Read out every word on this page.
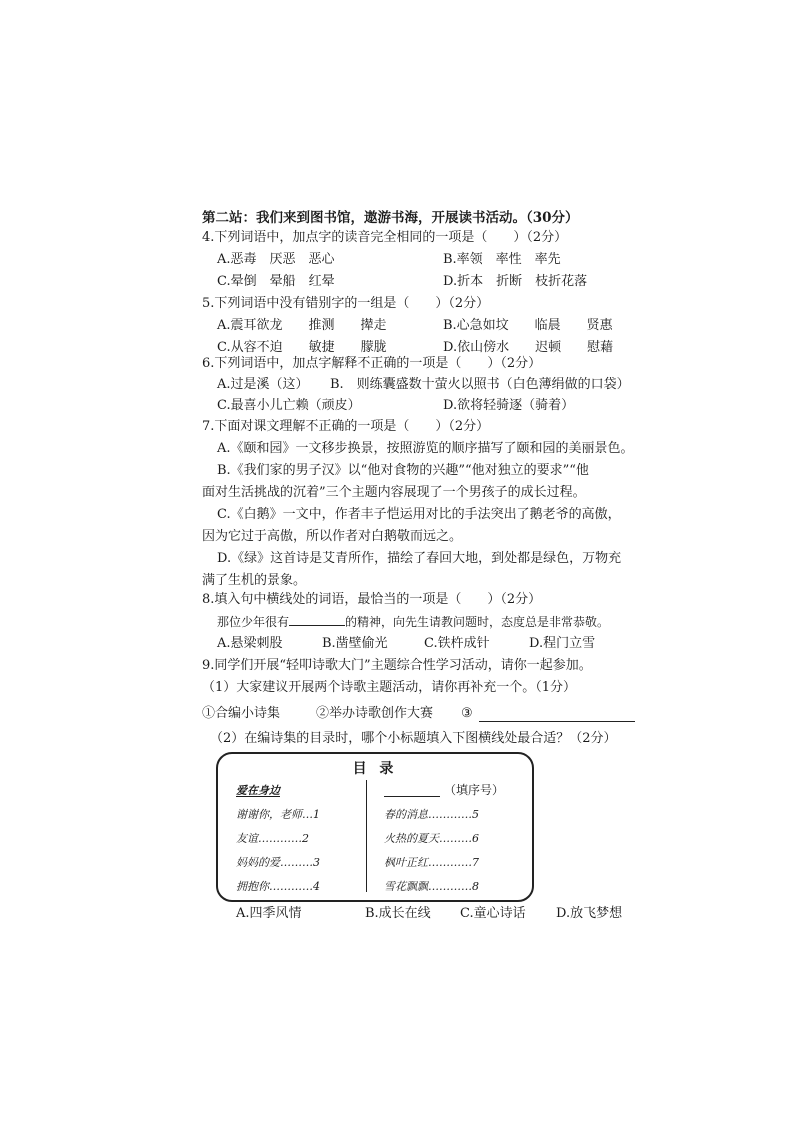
第二站：我们来到图书馆，遨游书海，开展读书活动。（30分）
4.下列词语中，加点字的读音完全相同的一项是（　　）（2分）
A.恶毒　厌恶　恶心	B.率领　率性　率先
C.晕倒　晕船　红晕	D.折本　折断　枝折花落
5.下列词语中没有错别字的一组是（　　）（2分）
A.震耳欲龙　　推测　　撵走	B.心急如坟　　临晨　　贤惠
C.从容不迫　　敏捷　　朦胧	D.依山傍水　　迟顿　　慰藉
6.下列词语中，加点字解释不正确的一项是（　　）（2分）
A.过是溪（这） B.　则练囊盛数十萤火以照书（白色薄绢做的口袋）
C.最喜小儿亡赖（顽皮）	D.欲将轻骑逐（骑着）
7.下面对课文理解不正确的一项是（　　）（2分）
A.《颐和园》一文移步换景，按照游览的顺序描写了颐和园的美丽景色。
B.《我们家的男子汉》以“他对食物的兴趣”“他对独立的要求”“他
面对生活挑战的沉着”三个主题内容展现了一个男孩子的成长过程。
C.《白鹅》一文中，作者丰子恺运用对比的手法突出了鹅老爷的高傲，
因为它过于高傲，所以作者对白鹅敬而远之。
D.《绿》这首诗是艾青所作，描绘了春回大地，到处都是绿色，万物充
满了生机的景象。
8.填入句中横线处的词语，最恰当的一项是（　　）（2分）
那位少年很有	的精神，向先生请教问题时，态度总是非常恭敬。
A.悬梁刺股	B.凿壁偷光	C.铁杵成针	D.程门立雪
9.同学们开展“轻叩诗歌大门”主题综合性学习活动，请你一起参加。
（1）大家建议开展两个诗歌主题活动，请你再补充一个。（1分）
①合编小诗集	②举办诗歌创作大赛 ③
（2）在编诗集的目录时，哪个小标题填入下图横线处最合适？（2分）
目 录
爱在身边	（填序号）
谢谢你，老师…1
友谊…………2
妈妈的爱………3
拥抱你…………4
春的消息…………5
火热的夏天………6
枫叶正红…………7
雪花飘飘…………8
A.四季风情	B.成长在线 C.童心诗话 D.放飞梦想
